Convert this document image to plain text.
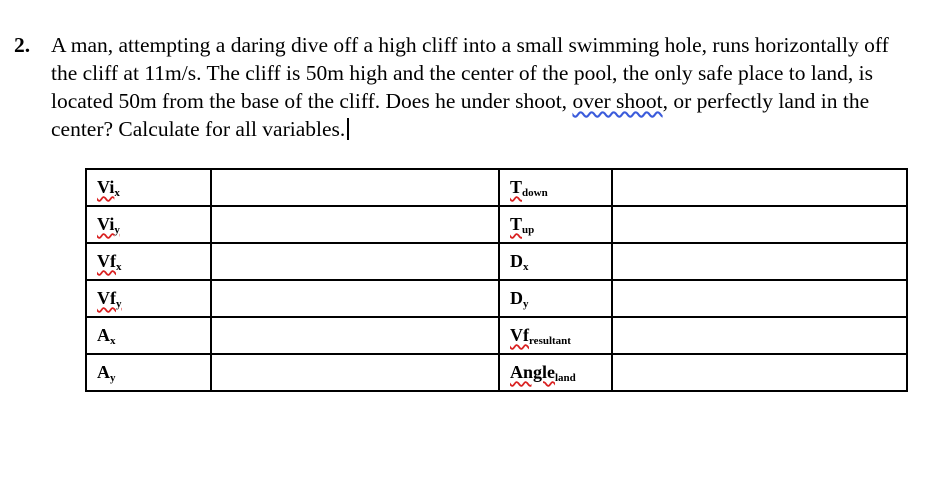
2. A man, attempting a daring dive off a high cliff into a small swimming hole, runs horizontally off the cliff at 11m/s. The cliff is 50m high and the center of the pool, the only safe place to land, is located 50m from the base of the cliff. Does he under shoot, over shoot, or perfectly land in the center? Calculate for all variables.
$Vi_x$		$T_{down}$	
$Vi_y$		$T_{up}$	
$Vf_x$		$D_x$	
$Vf_y$		$D_y$	
$A_x$		$Vf_{resultant}$	
$A_y$		Angle$_{land}$	
